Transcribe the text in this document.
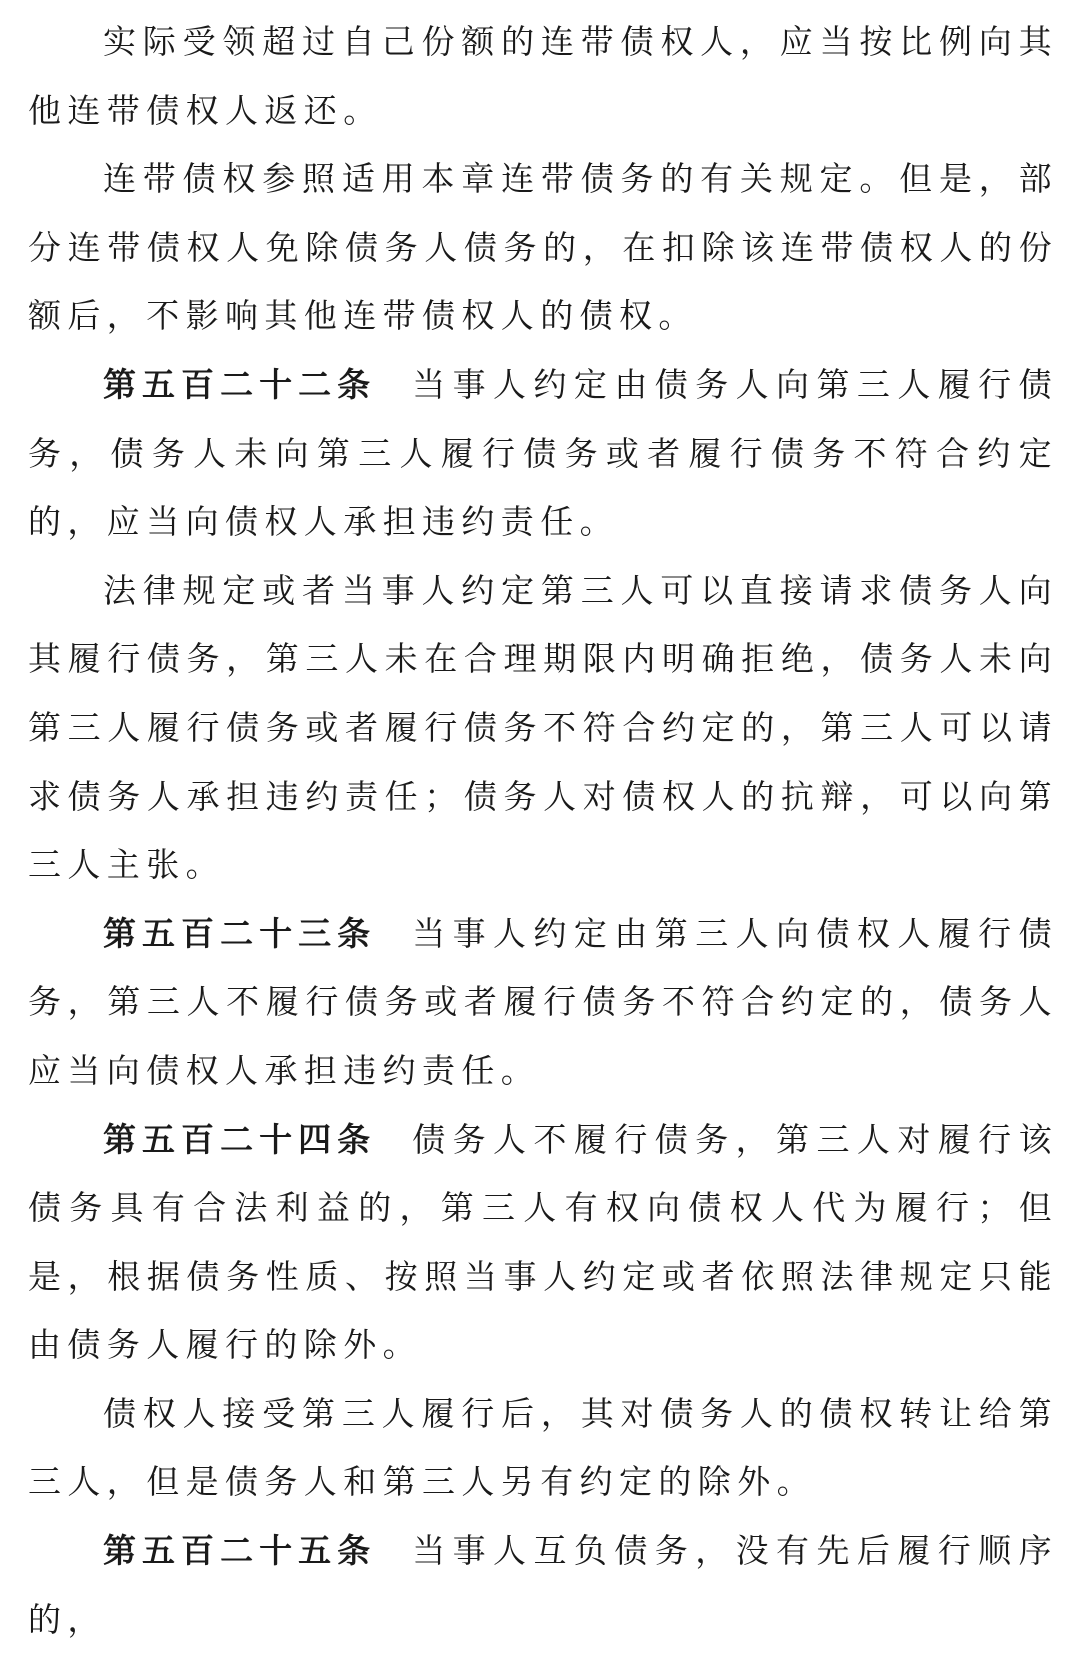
实际受领超过自己份额的连带债权人，应当按比例向其他连带债权人返还。

连带债权参照适用本章连带债务的有关规定。但是，部分连带债权人免除债务人债务的，在扣除该连带债权人的份额后，不影响其他连带债权人的债权。

第五百二十二条 当事人约定由债务人向第三人履行债务，债务人未向第三人履行债务或者履行债务不符合约定的，应当向债权人承担违约责任。

法律规定或者当事人约定第三人可以直接请求债务人向其履行债务，第三人未在合理期限内明确拒绝，债务人未向第三人履行债务或者履行债务不符合约定的，第三人可以请求债务人承担违约责任；债务人对债权人的抗辩，可以向第三人主张。

第五百二十三条 当事人约定由第三人向债权人履行债务，第三人不履行债务或者履行债务不符合约定的，债务人应当向债权人承担违约责任。

第五百二十四条 债务人不履行债务，第三人对履行该债务具有合法利益的，第三人有权向债权人代为履行；但是，根据债务性质、按照当事人约定或者依照法律规定只能由债务人履行的除外。

债权人接受第三人履行后，其对债务人的债权转让给第三人，但是债务人和第三人另有约定的除外。

第五百二十五条 当事人互负债务，没有先后履行顺序的，
